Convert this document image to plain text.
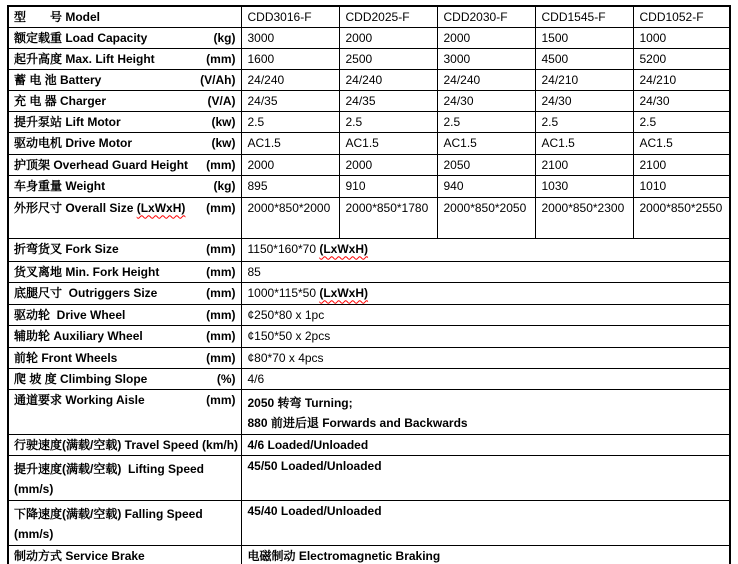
型　　号 Model	CDD3016-F	CDD2025-F	CDD2030-F	CDD1545-F	CDD1052-F

额定载重 Load Capacity (kg)	3000	2000	2000	1500	1000

起升高度 Max. Lift Height (mm)	1600	2500	3000	4500	5200

蓄 电 池 Battery (V/Ah)	24/240	24/240	24/240	24/210	24/210

充 电 器 Charger (V/A)	24/35	24/35	24/30	24/30	24/30

提升泵站 Lift Motor (kw)	2.5	2.5	2.5	2.5	2.5

驱动电机 Drive Motor (kw)	AC1.5	AC1.5	AC1.5	AC1.5	AC1.5

护顶架 Overhead Guard Height (mm)	2000	2000	2050	2100	2100

车身重量 Weight (kg)	895	910	940	1030	1010

外形尺寸 Overall Size (LxWxH) (mm)	2000*850*2000	2000*850*1780	2000*850*2050	2000*850*2300	2000*850*2550

折弯货叉 Fork Size (mm)	1150*160*70 (LxWxH)				

货叉离地 Min. Fork Height (mm)	85				

底腿尺寸  Outriggers Size (mm)	1000*115*50 (LxWxH)				

驱动轮  Drive Wheel (mm)	¢250*80 x 1pc				

辅助轮 Auxiliary Wheel (mm)	¢150*50 x 2pcs				

前轮 Front Wheels (mm)	¢80*70 x 4pcs				

爬 坡 度 Climbing Slope (%)	4/6				

通道要求 Working Aisle	(mm)	2050 转弯 Turning;
880 前进后退 Forwards and Backwards

行驶速度(满载/空载) Travel Speed (km/h)	4/6 Loaded/Unloaded				

提升速度(满载/空载)  Lifting Speed
(mm/s)	45/50 Loaded/Unloaded				

下降速度(满载/空载) Falling Speed
(mm/s)	45/40 Loaded/Unloaded				
制动方式 Service Brake	电磁制动 Electromagnetic Braking				
